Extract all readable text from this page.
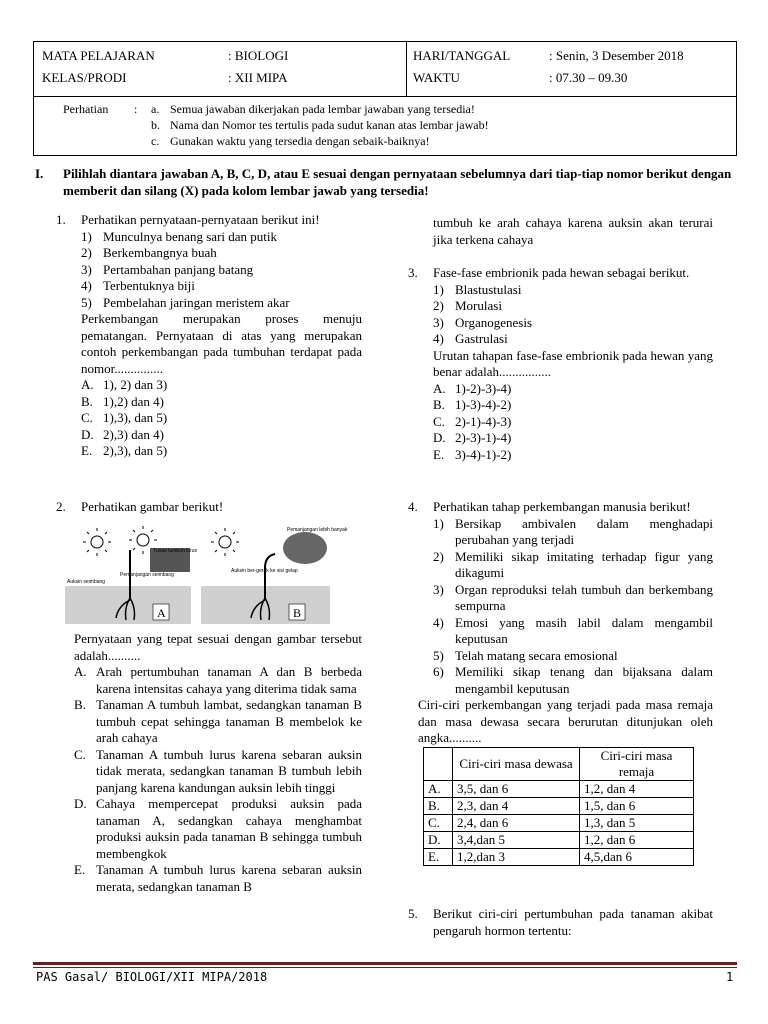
MATA PELAJARAN	: BIOLOGI
KELAS/PRODI	: XII MIPA
HARI/TANGGAL	: Senin, 3 Desember 2018
WAKTU	: 07.30 – 09.30
Perhatian : a. Semua jawaban dikerjakan pada lembar jawaban yang tersedia!
b. Nama dan Nomor tes tertulis pada sudut kanan atas lembar jawab!
c. Gunakan waktu yang tersedia dengan sebaik-baiknya!
I. Pilihlah diantara jawaban A, B, C, D, atau E sesuai dengan pernyataan sebelumnya dari tiap-tiap nomor berikut dengan memberit dan silang (X) pada kolom lembar jawab yang tersedia!
1. Perhatikan pernyataan-pernyataan berikut ini!
1) Munculnya benang sari dan putik
2) Berkembangnya buah
3) Pertambahan panjang batang
4) Terbentuknya biji
5) Pembelahan jaringan meristem akar
Perkembangan merupakan proses menuju pematangan. Pernyataan di atas yang merupakan contoh perkembangan pada tumbuhan terdapat pada nomor...............
A. 1), 2) dan 3)
B. 1),2) dan 4)
C. 1),3), dan 5)
D. 2),3) dan 4)
E. 2),3), dan 5)
2. Perhatikan gambar berikut!
Tunas tumbuh lurus
Pemanjangan seimbang
Auksin seimbang
A
Pemanjangan lebih banyak
Auksin ber-gerak ke sisi gelap
B
Pernyataan yang tepat sesuai dengan gambar tersebut adalah..........
A. Arah pertumbuhan tanaman A dan B berbeda karena intensitas cahaya yang diterima tidak sama
B. Tanaman A tumbuh lambat, sedangkan tanaman B tumbuh cepat sehingga tanaman B membelok ke arah cahaya
C. Tanaman A tumbuh lurus karena sebaran auksin tidak merata, sedangkan tanaman B tumbuh lebih panjang karena kandungan auksin lebih tinggi
D. Cahaya mempercepat produksi auksin pada tanaman A, sedangkan cahaya menghambat produksi auksin pada tanaman B sehingga tumbuh membengkok
E. Tanaman A tumbuh lurus karena sebaran auksin merata, sedangkan tanaman B
tumbuh ke arah cahaya karena auksin akan terurai jika terkena cahaya
3. Fase-fase embrionik pada hewan sebagai berikut.
1) Blastustulasi
2) Morulasi
3) Organogenesis
4) Gastrulasi
Urutan tahapan fase-fase embrionik pada hewan yang benar adalah................
A. 1)-2)-3)-4)
B. 1)-3)-4)-2)
C. 2)-1)-4)-3)
D. 2)-3)-1)-4)
E. 3)-4)-1)-2)
4. Perhatikan tahap perkembangan manusia berikut!
1) Bersikap ambivalen dalam menghadapi perubahan yang terjadi
2) Memiliki sikap imitating terhadap figur yang dikagumi
3) Organ reproduksi telah tumbuh dan berkembang sempurna
4) Emosi yang masih labil dalam mengambil keputusan
5) Telah matang secara emosional
6) Memiliki sikap tenang dan bijaksana dalam mengambil keputusan
Ciri-ciri perkembangan yang terjadi pada masa remaja dan masa dewasa secara berurutan ditunjukan oleh angka..........
	Ciri-ciri masa dewasa	Ciri-ciri masa remaja
A.	3,5, dan 6	1,2, dan 4
B.	2,3, dan 4	1,5, dan 6
C.	2,4, dan 6	1,3, dan 5
D.	3,4,dan 5	1,2, dan 6
E.	1,2,dan 3	4,5,dan 6
5. Berikut ciri-ciri pertumbuhan pada tanaman akibat pengaruh hormon tertentu:
PAS Gasal/ BIOLOGI/XII MIPA/2018	1
